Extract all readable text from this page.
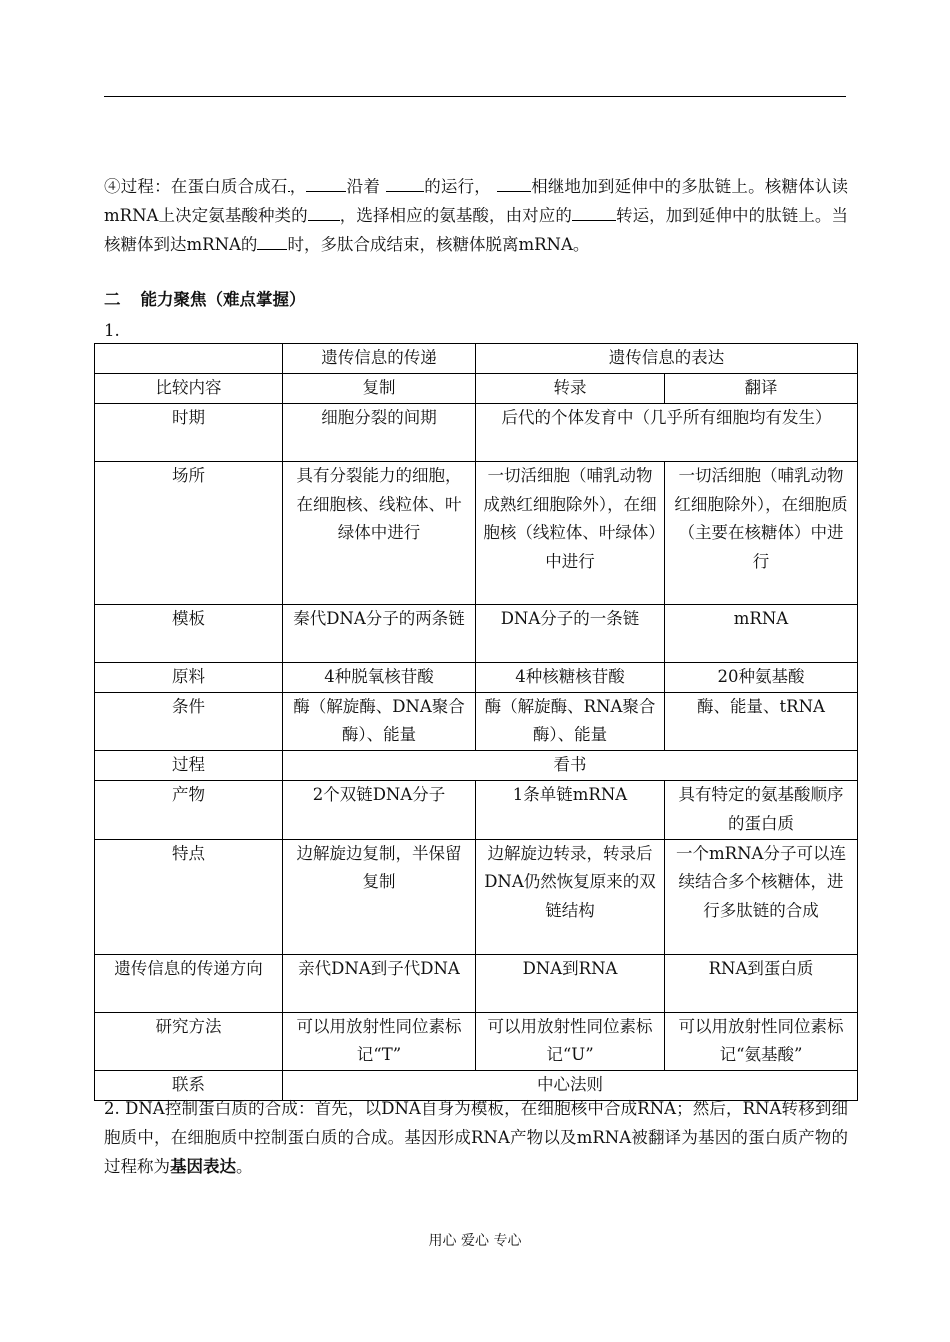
④过程：在蛋白质合成石 ， 沿着	的运行， 相继地加到延伸中的多肽链上。核糖体认读mRNA上决定氨基酸种类的 ，选择相应的氨基酸，由对应的	转运，加到延伸中的肽链上。当核糖体到达mRNA的 时，多肽合成结束，核糖体脱离mRNA。
二 能力聚焦（难点掌握）
1.
	遗传信息的传递	遗传信息的表达	
比较内容	复制	转录	翻译
时期	细胞分裂的间期	后代的个体发育中（几乎所有细胞均有发生）	
场所	具有分裂能力的细胞，在细胞核、线粒体、叶绿体中进行	一切活细胞（哺乳动物成熟红细胞除外），在细胞核（线粒体、叶绿体）中进行	一切活细胞（哺乳动物红细胞除外），在细胞质（主要在核糖体）中进行
模板	秦代DNA分子的两条链	DNA分子的一条链	mRNA
原料	4种脱氧核苷酸	4种核糖核苷酸	20种氨基酸
条件	酶（解旋酶、DNA聚合酶）、能量	酶（解旋酶、RNA聚合酶）、能量	酶、能量、tRNA
过程	看书		
产物	2个双链DNA分子	1条单链mRNA	具有特定的氨基酸顺序的蛋白质
特点	边解旋边复制，半保留复制	边解旋边转录，转录后DNA仍然恢复原来的双链结构	一个mRNA分子可以连续结合多个核糖体，进行多肽链的合成
遗传信息的传递方向	亲代DNA到子代DNA	DNA到RNA	RNA到蛋白质
研究方法	可以用放射性同位素标记“T”	可以用放射性同位素标记“U”	可以用放射性同位素标记“氨基酸”
联系	中心法则		
2. DNA控制蛋白质的合成：首先，以DNA自身为模板，在细胞核中合成RNA；然后，RNA转移到细胞质中，在细胞质中控制蛋白质的合成。基因形成RNA产物以及mRNA被翻译为基因的蛋白质产物的过程称为基因表达。
用心 爱心 专心
